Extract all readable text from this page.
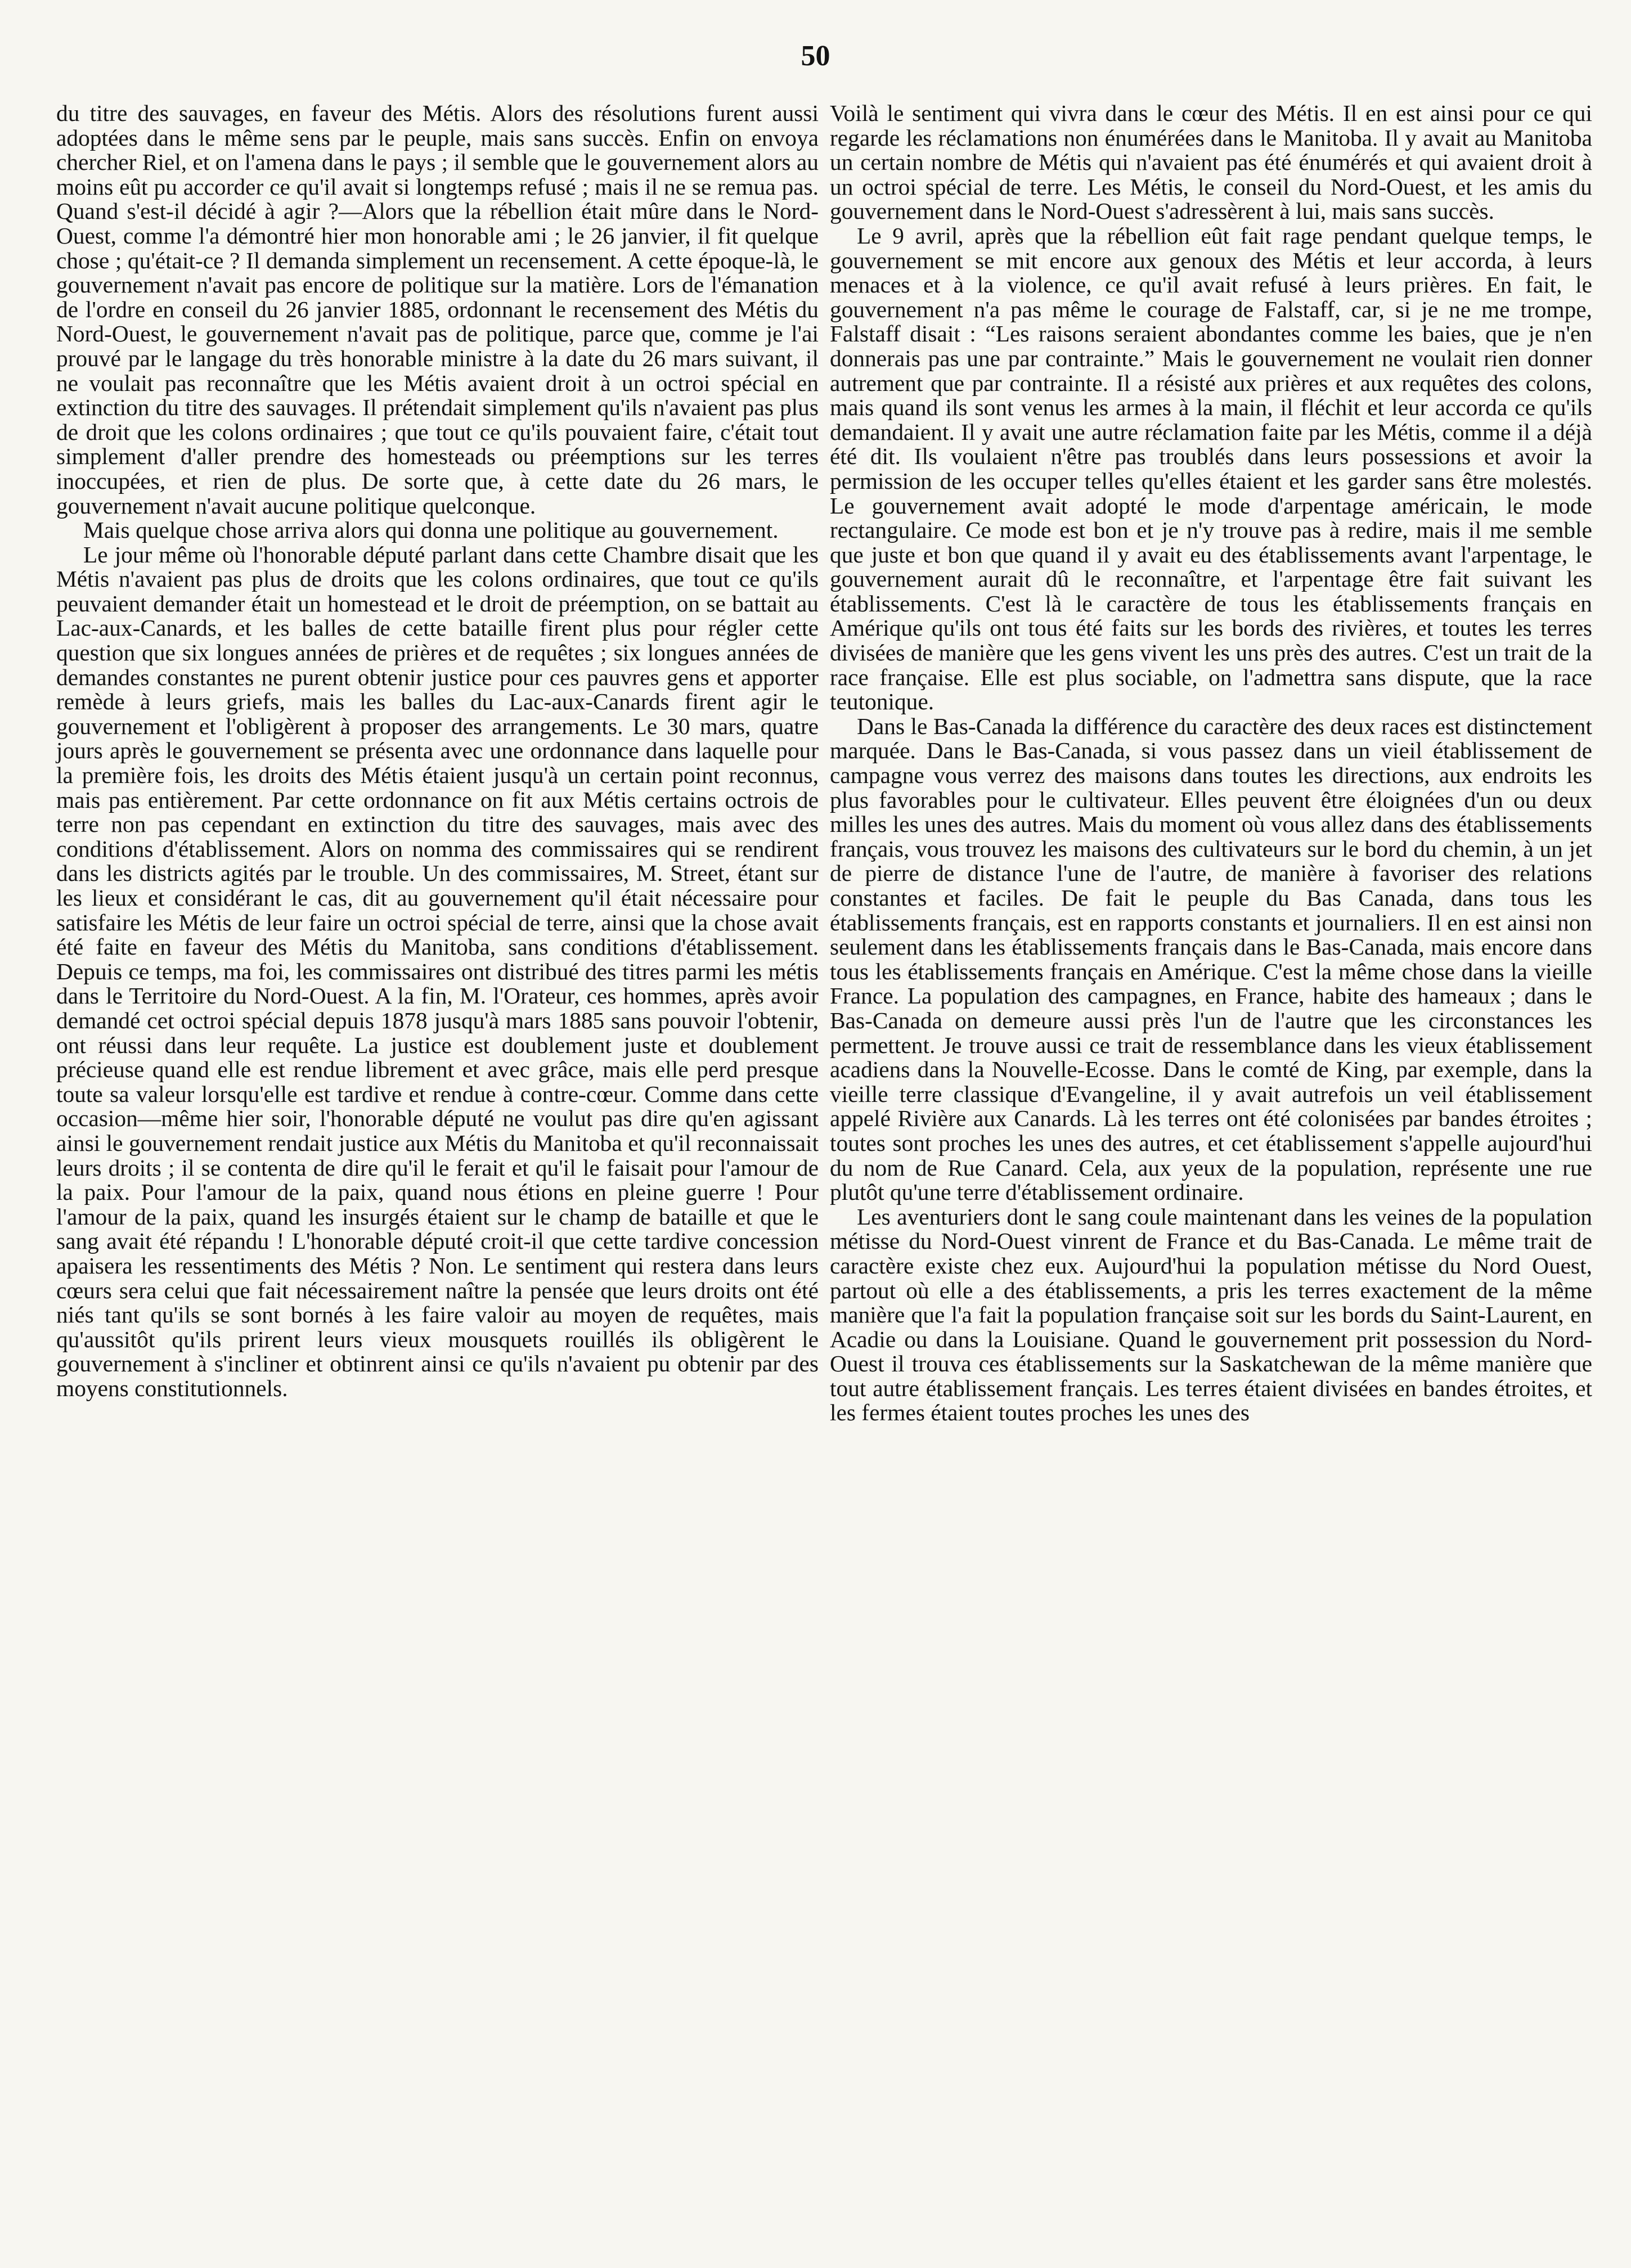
50

du titre des sauvages, en faveur des Métis. Alors des résolutions furent aussi adoptées dans le même sens par le peuple, mais sans succès. Enfin on envoya chercher Riel, et on l'amena dans le pays ; il semble que le gouvernement alors au moins eût pu accorder ce qu'il avait si longtemps refusé ; mais il ne se remua pas. Quand s'est-il décidé à agir ?—Alors que la rébellion était mûre dans le Nord-Ouest, comme l'a démontré hier mon honorable ami ; le 26 janvier, il fit quelque chose ; qu'était-ce ? Il demanda simplement un recensement. A cette époque-là, le gouvernement n'avait pas encore de politique sur la matière. Lors de l'émanation de l'ordre en conseil du 26 janvier 1885, ordonnant le recensement des Métis du Nord-Ouest, le gouvernement n'avait pas de politique, parce que, comme je l'ai prouvé par le langage du très honorable ministre à la date du 26 mars suivant, il ne voulait pas reconnaître que les Métis avaient droit à un octroi spécial en extinction du titre des sauvages. Il prétendait simplement qu'ils n'avaient pas plus de droit que les colons ordinaires ; que tout ce qu'ils pouvaient faire, c'était tout simplement d'aller prendre des homesteads ou préemptions sur les terres inoccupées, et rien de plus. De sorte que, à cette date du 26 mars, le gouvernement n'avait aucune politique quelconque.

Mais quelque chose arriva alors qui donna une politique au gouvernement.

Le jour même où l'honorable député parlant dans cette Chambre disait que les Métis n'avaient pas plus de droits que les colons ordinaires, que tout ce qu'ils peuvaient demander était un homestead et le droit de préemption, on se battait au Lac-aux-Canards, et les balles de cette bataille firent plus pour régler cette question que six longues années de prières et de requêtes ; six longues années de demandes constantes ne purent obtenir justice pour ces pauvres gens et apporter remède à leurs griefs, mais les balles du Lac-aux-Canards firent agir le gouvernement et l'obligèrent à proposer des arrangements. Le 30 mars, quatre jours après le gouvernement se présenta avec une ordonnance dans laquelle pour la première fois, les droits des Métis étaient jusqu'à un certain point reconnus, mais pas entièrement. Par cette ordonnance on fit aux Métis certains octrois de terre non pas cependant en extinction du titre des sauvages, mais avec des conditions d'établissement. Alors on nomma des commissaires qui se rendirent dans les districts agités par le trouble. Un des commissaires, M. Street, étant sur les lieux et considérant le cas, dit au gouvernement qu'il était nécessaire pour satisfaire les Métis de leur faire un octroi spécial de terre, ainsi que la chose avait été faite en faveur des Métis du Manitoba, sans conditions d'établissement. Depuis ce temps, ma foi, les commissaires ont distribué des titres parmi les métis dans le Territoire du Nord-Ouest. A la fin, M. l'Orateur, ces hommes, après avoir demandé cet octroi spécial depuis 1878 jusqu'à mars 1885 sans pouvoir l'obtenir, ont réussi dans leur requête. La justice est doublement juste et doublement précieuse quand elle est rendue librement et avec grâce, mais elle perd presque toute sa valeur lorsqu'elle est tardive et rendue à contre-cœur. Comme dans cette occasion—même hier soir, l'honorable député ne voulut pas dire qu'en agissant ainsi le gouvernement rendait justice aux Métis du Manitoba et qu'il reconnaissait leurs droits ; il se contenta de dire qu'il le ferait et qu'il le faisait pour l'amour de la paix. Pour l'amour de la paix, quand nous étions en pleine guerre ! Pour l'amour de la paix, quand les insurgés étaient sur le champ de bataille et que le sang avait été répandu ! L'honorable député croit-il que cette tardive concession apaisera les ressentiments des Métis ? Non. Le sentiment qui restera dans leurs cœurs sera celui que fait nécessairement naître la pensée que leurs droits ont été niés tant qu'ils se sont bornés à les faire valoir au moyen de requêtes, mais qu'aussitôt qu'ils prirent leurs vieux mousquets rouillés ils obligèrent le gouvernement à s'incliner et obtinrent ainsi ce qu'ils n'avaient pu obtenir par des moyens constitutionnels.

Voilà le sentiment qui vivra dans le cœur des Métis. Il en est ainsi pour ce qui regarde les réclamations non énumérées dans le Manitoba. Il y avait au Manitoba un certain nombre de Métis qui n'avaient pas été énumérés et qui avaient droit à un octroi spécial de terre. Les Métis, le conseil du Nord-Ouest, et les amis du gouvernement dans le Nord-Ouest s'adressèrent à lui, mais sans succès.

Le 9 avril, après que la rébellion eût fait rage pendant quelque temps, le gouvernement se mit encore aux genoux des Métis et leur accorda, à leurs menaces et à la violence, ce qu'il avait refusé à leurs prières. En fait, le gouvernement n'a pas même le courage de Falstaff, car, si je ne me trompe, Falstaff disait : “Les raisons seraient abondantes comme les baies, que je n'en donnerais pas une par contrainte.” Mais le gouvernement ne voulait rien donner autrement que par contrainte. Il a résisté aux prières et aux requêtes des colons, mais quand ils sont venus les armes à la main, il fléchit et leur accorda ce qu'ils demandaient. Il y avait une autre réclamation faite par les Métis, comme il a déjà été dit. Ils voulaient n'être pas troublés dans leurs possessions et avoir la permission de les occuper telles qu'elles étaient et les garder sans être molestés. Le gouvernement avait adopté le mode d'arpentage américain, le mode rectangulaire. Ce mode est bon et je n'y trouve pas à redire, mais il me semble que juste et bon que quand il y avait eu des établissements avant l'arpentage, le gouvernement aurait dû le reconnaître, et l'arpentage être fait suivant les établissements. C'est là le caractère de tous les établissements français en Amérique qu'ils ont tous été faits sur les bords des rivières, et toutes les terres divisées de manière que les gens vivent les uns près des autres. C'est un trait de la race française. Elle est plus sociable, on l'admettra sans dispute, que la race teutonique.

Dans le Bas-Canada la différence du caractère des deux races est distinctement marquée. Dans le Bas-Canada, si vous passez dans un vieil établissement de campagne vous verrez des maisons dans toutes les directions, aux endroits les plus favorables pour le cultivateur. Elles peuvent être éloignées d'un ou deux milles les unes des autres. Mais du moment où vous allez dans des établissements français, vous trouvez les maisons des cultivateurs sur le bord du chemin, à un jet de pierre de distance l'une de l'autre, de manière à favoriser des relations constantes et faciles. De fait le peuple du Bas Canada, dans tous les établissements français, est en rapports constants et journaliers. Il en est ainsi non seulement dans les établissements français dans le Bas-Canada, mais encore dans tous les établissements français en Amérique. C'est la même chose dans la vieille France. La population des campagnes, en France, habite des hameaux ; dans le Bas-Canada on demeure aussi près l'un de l'autre que les circonstances les permettent. Je trouve aussi ce trait de ressemblance dans les vieux établissement acadiens dans la Nouvelle-Ecosse. Dans le comté de King, par exemple, dans la vieille terre classique d'Evangeline, il y avait autrefois un veil établissement appelé Rivière aux Canards. Là les terres ont été colonisées par bandes étroites ; toutes sont proches les unes des autres, et cet établissement s'appelle aujourd'hui du nom de Rue Canard. Cela, aux yeux de la population, représente une rue plutôt qu'une terre d'établissement ordinaire.

Les aventuriers dont le sang coule maintenant dans les veines de la population métisse du Nord-Ouest vinrent de France et du Bas-Canada. Le même trait de caractère existe chez eux. Aujourd'hui la population métisse du Nord Ouest, partout où elle a des établissements, a pris les terres exactement de la même manière que l'a fait la population française soit sur les bords du Saint-Laurent, en Acadie ou dans la Louisiane. Quand le gouvernement prit possession du Nord-Ouest il trouva ces établissements sur la Saskatchewan de la même manière que tout autre établissement français. Les terres étaient divisées en bandes étroites, et les fermes étaient toutes proches les unes des
